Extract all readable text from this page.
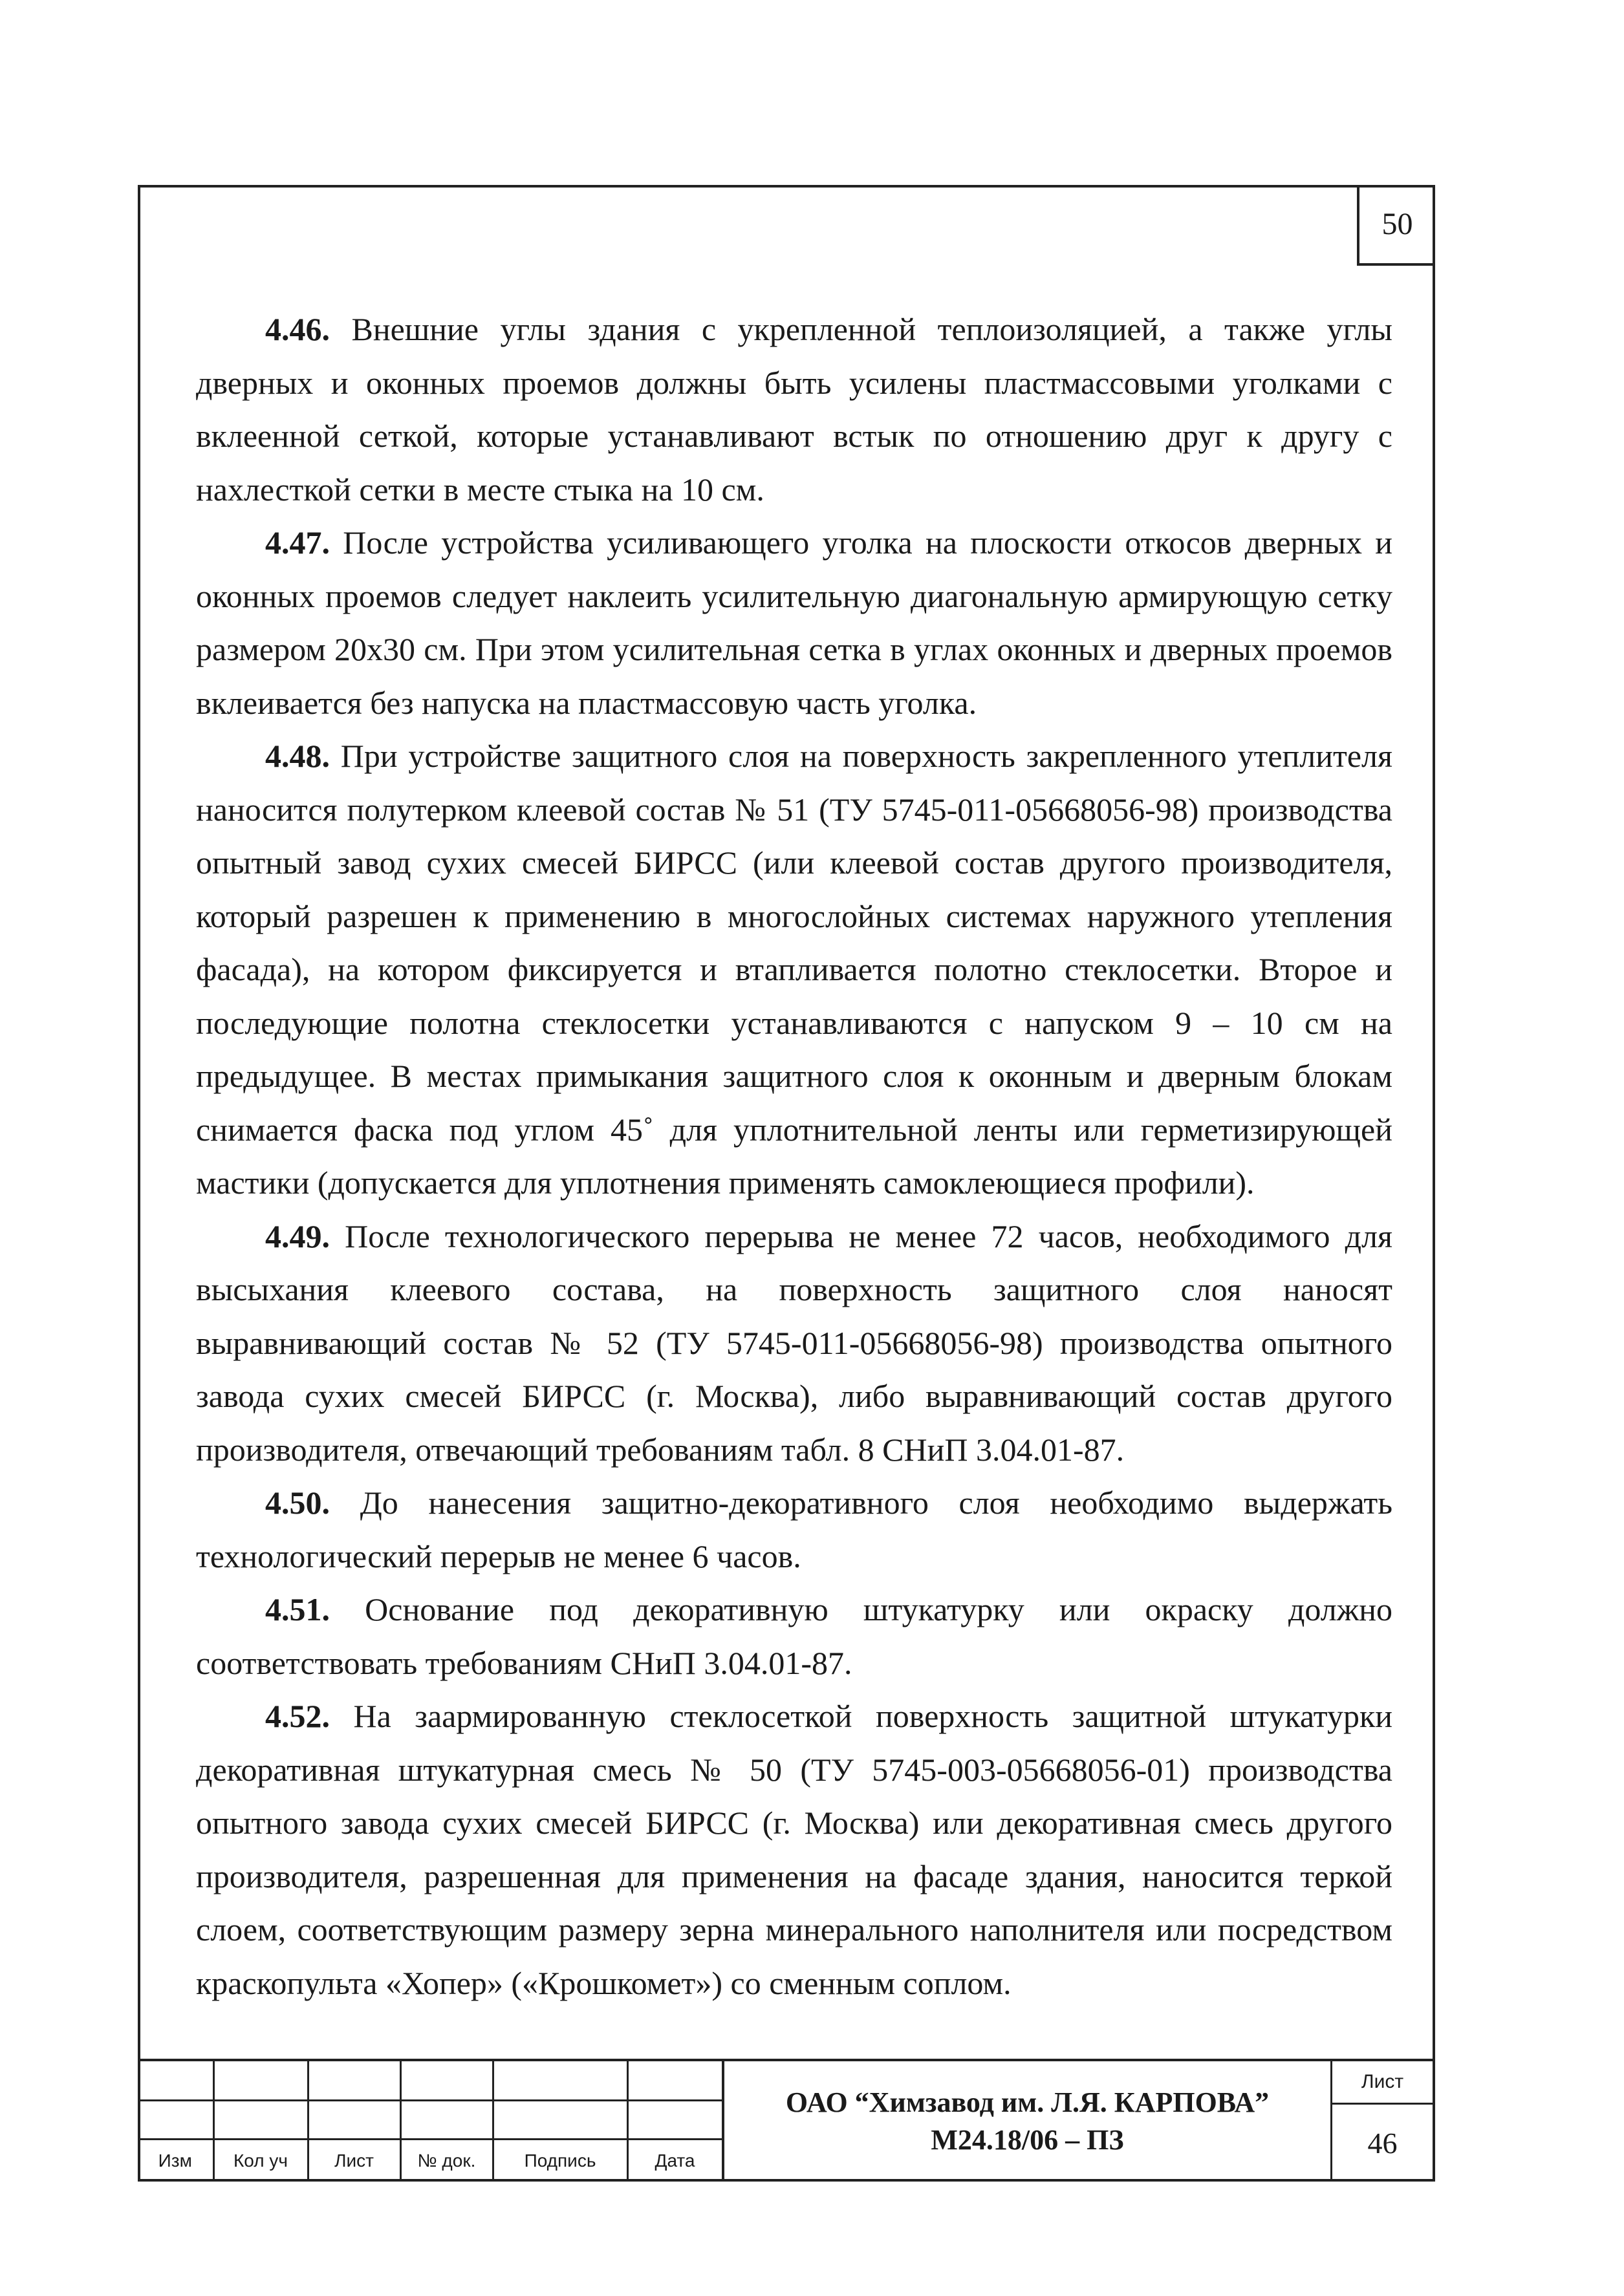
50

4.46. Внешние углы здания с укрепленной теплоизоляцией, а также углы дверных и оконных проемов должны быть усилены пластмассовыми уголками с вклеенной сеткой, которые устанавливают встык по отношению друг к другу с нахлесткой сетки в месте стыка на 10 см.

4.47. После устройства усиливающего уголка на плоскости откосов дверных и оконных проемов следует наклеить усилительную диагональную армирующую сетку размером 20х30 см. При этом усилительная сетка в углах оконных и дверных проемов вклеивается без напуска на пластмассовую часть уголка.

4.48. При устройстве защитного слоя на поверхность закрепленного утеплителя наносится полутерком клеевой состав № 51 (ТУ 5745-011-05668056-98) производства опытный завод сухих смесей БИРСС (или клеевой состав другого производителя, который разрешен к применению в многослойных системах наружного утепления фасада), на котором фиксируется и втапливается полотно стеклосетки. Второе и последующие полотна стеклосетки устанавливаются с напуском 9 – 10 см на предыдущее. В местах примыкания защитного слоя к оконным и дверным блокам снимается фаска под углом 45˚ для уплотнительной ленты или герметизирующей мастики (допускается для уплотнения применять самоклеющиеся профили).

4.49. После технологического перерыва не менее 72 часов, необходимого для высыхания клеевого состава, на поверхность защитного слоя наносят выравнивающий состав № 52 (ТУ 5745-011-05668056-98) производства опытного завода сухих смесей БИРСС (г. Москва), либо выравнивающий состав другого производителя, отвечающий требованиям табл. 8 СНиП 3.04.01-87.

4.50. До нанесения защитно-декоративного слоя необходимо выдержать технологический перерыв не менее 6 часов.

4.51. Основание под декоративную штукатурку или окраску должно соответствовать требованиям СНиП 3.04.01-87.

4.52. На заармированную стеклосеткой поверхность защитной штукатурки декоративная штукатурная смесь № 50 (ТУ 5745-003-05668056-01) производства опытного завода сухих смесей БИРСС (г. Москва) или декоративная смесь другого производителя, разрешенная для применения на фасаде здания, наносится теркой слоем, соответствующим размеру зерна минерального наполнителя или посредством краскопульта «Хопер» («Крошкомет») со сменным соплом.

Изм	Кол уч	Лист	№ док.	Подпись	Дата
ОАО “Химзавод им. Л.Я. КАРПОВА”
М24.18/06 – ПЗ
Лист
46
